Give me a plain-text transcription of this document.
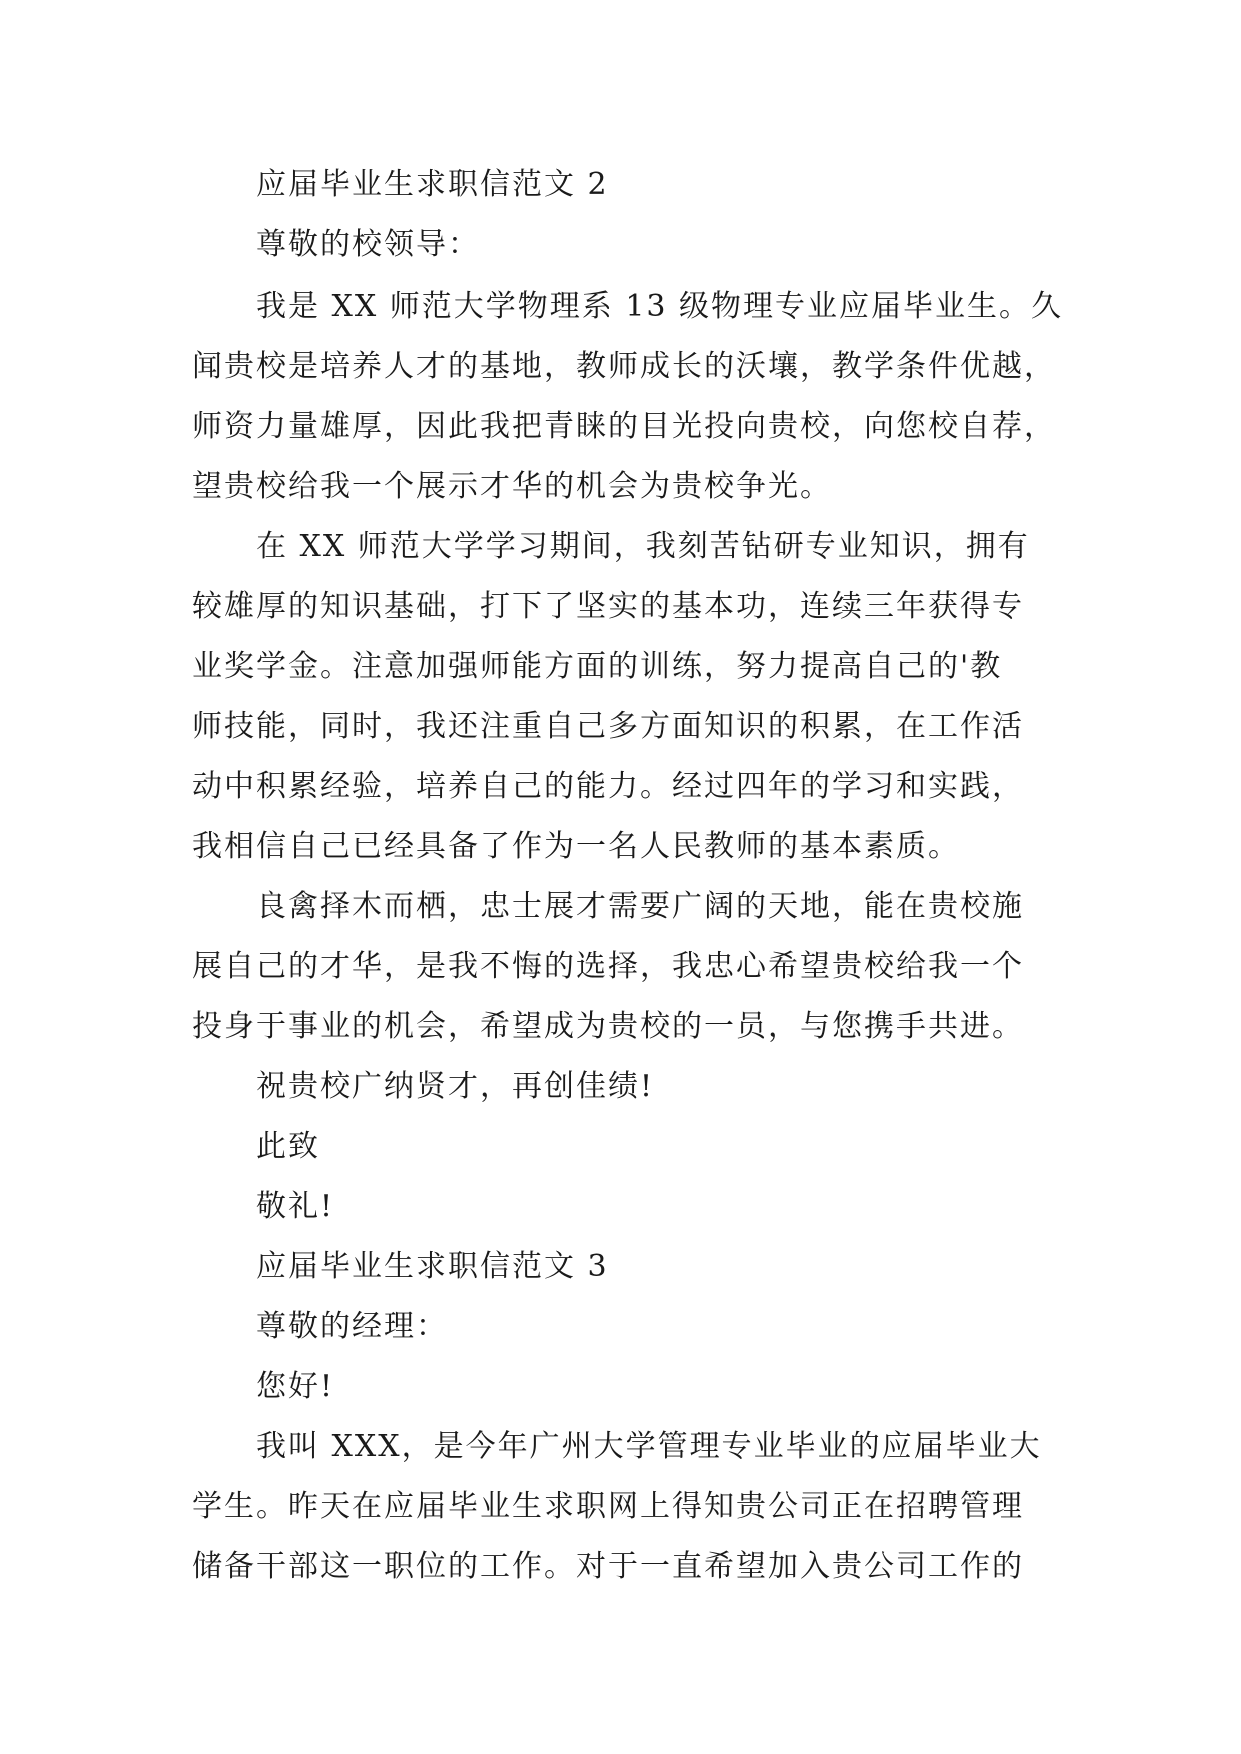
应届毕业生求职信范文 2

尊敬的校领导：

我是 XX 师范大学物理系 13 级物理专业应届毕业生。久

闻贵校是培养人才的基地，教师成长的沃壤，教学条件优越，

师资力量雄厚，因此我把青睐的目光投向贵校，向您校自荐，

望贵校给我一个展示才华的机会为贵校争光。

在 XX 师范大学学习期间，我刻苦钻研专业知识，拥有

较雄厚的知识基础，打下了坚实的基本功，连续三年获得专

业奖学金。注意加强师能方面的训练，努力提高自己的'教

师技能，同时，我还注重自己多方面知识的积累，在工作活

动中积累经验，培养自己的能力。经过四年的学习和实践，

我相信自己已经具备了作为一名人民教师的基本素质。

良禽择木而栖，忠士展才需要广阔的天地，能在贵校施

展自己的才华，是我不悔的选择，我忠心希望贵校给我一个

投身于事业的机会，希望成为贵校的一员，与您携手共进。

祝贵校广纳贤才，再创佳绩!

此致

敬礼!

应届毕业生求职信范文 3

尊敬的经理：

您好!

我叫 XXX，是今年广州大学管理专业毕业的应届毕业大

学生。昨天在应届毕业生求职网上得知贵公司正在招聘管理

储备干部这一职位的工作。对于一直希望加入贵公司工作的
